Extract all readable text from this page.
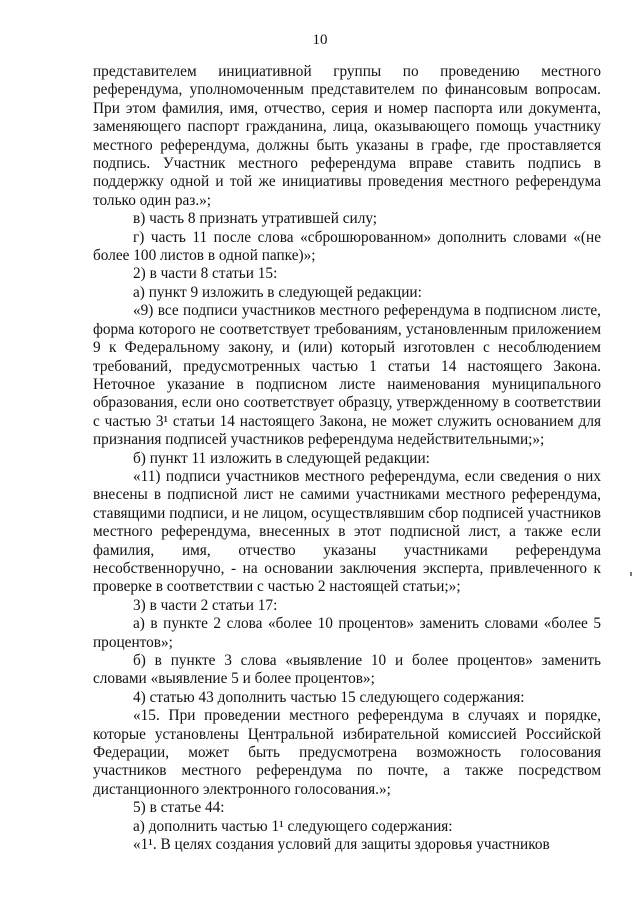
10

представителем инициативной группы по проведению местного референдума, уполномоченным представителем по финансовым вопросам. При этом фамилия, имя, отчество, серия и номер паспорта или документа, заменяющего паспорт гражданина, лица, оказывающего помощь участнику местного референдума, должны быть указаны в графе, где проставляется подпись. Участник местного референдума вправе ставить подпись в поддержку одной и той же инициативы проведения местного референдума только один раз.»;

в) часть 8 признать утратившей силу;

г) часть 11 после слова «сброшюрованном» дополнить словами «(не более 100 листов в одной папке)»;

2) в части 8 статьи 15:

а) пункт 9 изложить в следующей редакции:

«9) все подписи участников местного референдума в подписном листе, форма которого не соответствует требованиям, установленным приложением 9 к Федеральному закону, и (или) который изготовлен с несоблюдением требований, предусмотренных частью 1 статьи 14 настоящего Закона. Неточное указание в подписном листе наименования муниципального образования, если оно соответствует образцу, утвержденному в соответствии с частью 3¹ статьи 14 настоящего Закона, не может служить основанием для признания подписей участников референдума недействительными;»;

б) пункт 11 изложить в следующей редакции:

«11) подписи участников местного референдума, если сведения о них внесены в подписной лист не самими участниками местного референдума, ставящими подписи, и не лицом, осуществлявшим сбор подписей участников местного референдума, внесенных в этот подписной лист, а также если фамилия, имя, отчество указаны участниками референдума несобственноручно, - на основании заключения эксперта, привлеченного к проверке в соответствии с частью 2 настоящей статьи;»;

3) в части 2 статьи 17:

а) в пункте 2 слова «более 10 процентов» заменить словами «более 5 процентов»;

б) в пункте 3 слова «выявление 10 и более процентов» заменить словами «выявление 5 и более процентов»;

4) статью 43 дополнить частью 15 следующего содержания:

«15. При проведении местного референдума в случаях и порядке, которые установлены Центральной избирательной комиссией Российской Федерации, может быть предусмотрена возможность голосования участников местного референдума по почте, а также посредством дистанционного электронного голосования.»;

5) в статье 44:

а) дополнить частью 1¹ следующего содержания:

«1¹. В целях создания условий для защиты здоровья участников
